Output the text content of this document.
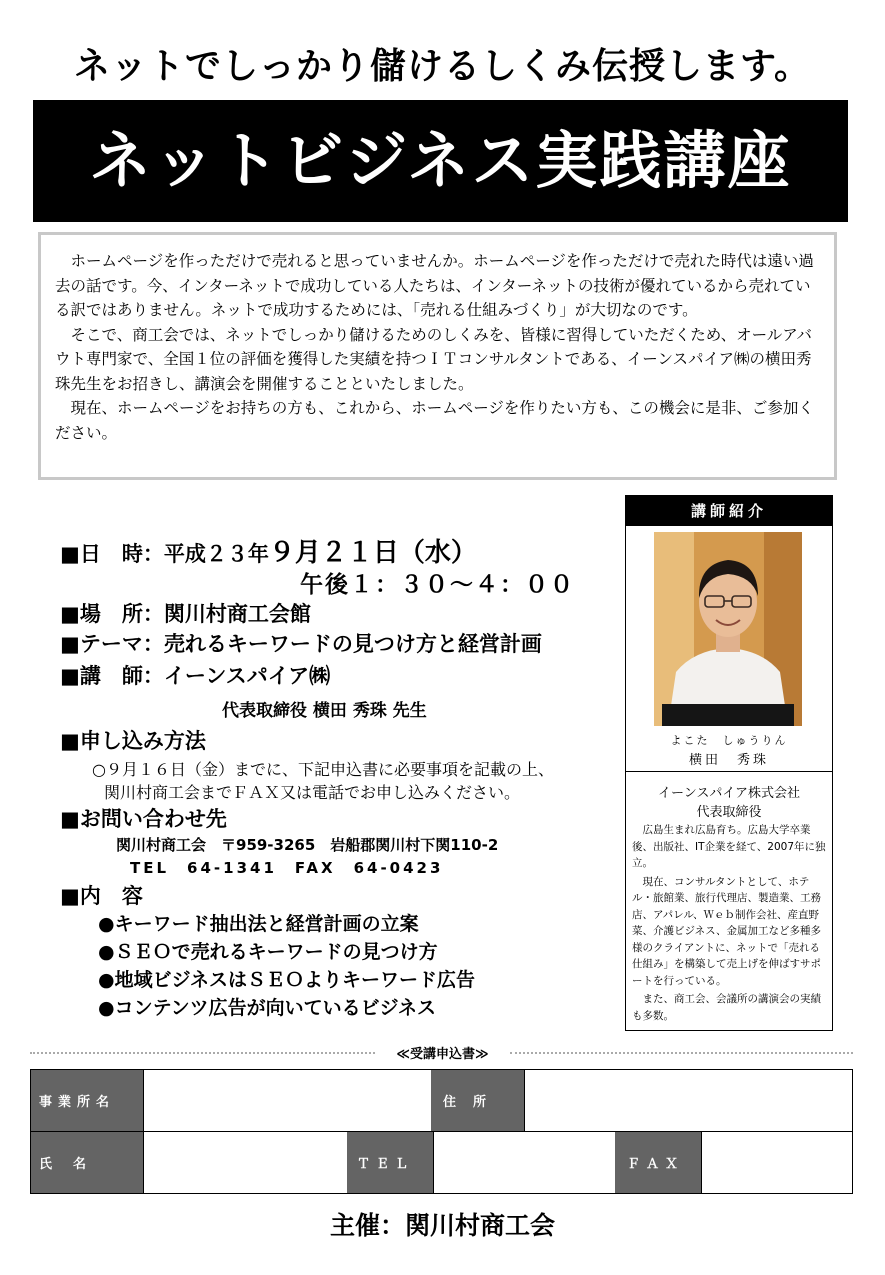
ネットでしっかり儲けるしくみ伝授します。
ネットビジネス実践講座

ホームページを作っただけで売れると思っていませんか。ホームページを作っただけで売れた時代は遠い過去の話です。今、インターネットで成功している人たちは、インターネットの技術が優れているから売れている訳ではありません。ネットで成功するためには、「売れる仕組みづくり」が大切なのです。

そこで、商工会では、ネットでしっかり儲けるためのしくみを、皆様に習得していただくため、オールアバウト専門家で、全国１位の評価を獲得した実績を持つＩＴコンサルタントである、イーンスパイア㈱の横田秀珠先生をお招きし、講演会を開催することといたしました。

現在、ホームページをお持ちの方も、これから、ホームページを作りたい方も、この機会に是非、ご参加ください。

■日　時：平成２３年９月２１日（水）
午後１：３０～４：００
■場　所：関川村商工会館
■テーマ：売れるキーワードの見つけ方と経営計画
■講　師：イーンスパイア㈱
代表取締役 横田 秀珠 先生
■申し込み方法
○９月１６日（金）までに、下記申込書に必要事項を記載の上、
関川村商工会までＦＡＸ又は電話でお申し込みください。
■お問い合わせ先
関川村商工会　〒959-3265　岩船郡関川村下関110-2
TEL　64-1341　FAX　64-0423
■内　容
●キーワード抽出法と経営計画の立案
●ＳＥＯで売れるキーワードの見つけ方
●地域ビジネスはＳＥＯよりキーワード広告
●コンテンツ広告が向いているビジネス
講師紹介
よこた　しゅうりん
横田　秀珠
イーンスパイア株式会社
代表取締役

広島生まれ広島育ち。広島大学卒業後、出版社、IT企業を経て、2007年に独立。

現在、コンサルタントとして、ホテル・旅館業、旅行代理店、製造業、工務店、アパレル、Ｗｅｂ制作会社、産直野菜、介護ビジネス、金属加工など多種多様のクライアントに、ネットで「売れる仕組み」を構築して売上げを伸ばすサポートを行っている。

また、商工会、会議所の講演会の実績も多数。

≪受講申込書≫
事業所名	住　所
氏　名	ＴＥＬ	ＦＡＸ
主催：関川村商工会
